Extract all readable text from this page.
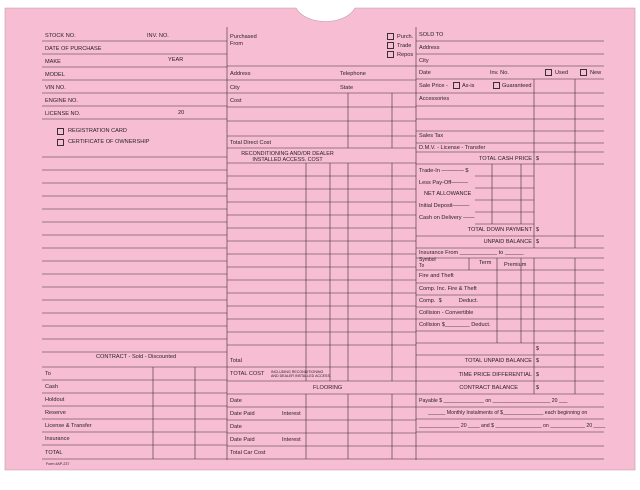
STOCK NO.	INV. NO.
DATE OF PURCHASE
MAKE	YEAR
MODEL
VIN NO.
ENGINE NO.
LICENSE NO.	20
REGISTRATION CARD
CERTIFICATE OF OWNERSHIP
CONTRACT - Sold - Discounted
To
Cash
Holdout
Reserve
License & Transfer
Insurance
TOTAL
Form #AP-237
Purchased
From
Purch.
Trade
Repos
Address	Telephone
City	State
Cost
Total Direct Cost
RECONDITIONING AND/OR DEALER
INSTALLED ACCESS. COST
Total
TOTAL COST INCLUDING RECONDITIONING
AND DEALER INSTALLED ACCESS.
FLOORING
Date
Date Paid	Interest
Date
Date Paid	Interest
Total Car Cost
SOLD TO
Address
City
Date	Inv. No.	Used	New
Sale Price -	As-is	Guaranteed
Accessories
Sales Tax
D.M.V. - License - Transfer
TOTAL CASH PRICE $
Trade-In ———— $
Less Pay-Off———
NET ALLOWANCE
Initial Deposit———
Cash on Delivery ——
TOTAL DOWN PAYMENT $
UNPAID BALANCE $
Insurance From ____________ to ______
Symbol
To	Term Premium
Fire and Theft
Comp. Inc. Fire & Theft
Comp.  $           Deduct.
Collision - Convertible
Collision $________ Deduct.
$
TOTAL UNPAID BALANCE $
TIME PRICE DIFFERENTIAL $
CONTRACT BALANCE	$
Payable $ ______________ on ____________________ 20 ___
______ Monthly Instalments of $______________ each beginning on
______________ 20 ____ and $ ________________ on ____________ 20 ____
